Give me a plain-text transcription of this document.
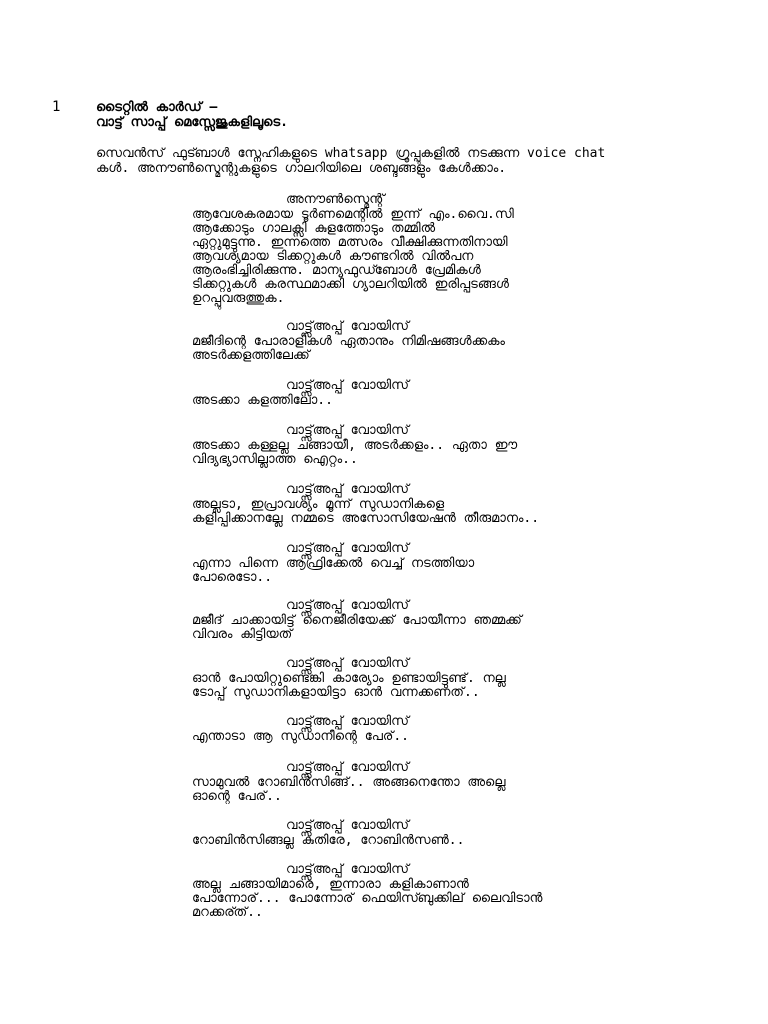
1	ടൈറ്റിൽ കാർഡ് –
വാട്ട് സാപ്പ് മെസ്സേജുകളിലൂടെ.
സെവൻസ് ഫുട്ബാൾ സ്നേഹികളുടെ whatsapp ഗ്രൂപ്പുകളിൽ നടക്കുന്ന voice chat
കൾ. അനൗൺസ്മെന്റുകളുടെ ഗാലറിയിലെ ശബ്ദങ്ങളും കേൾക്കാം.
അനൗൺസ്മെന്റ്
ആവേശകരമായ ടൂർണമെന്റിൽ ഇന്ന് എം.വൈ.സി
ആക്കോടും ഗാലക്സി കുളത്തോടും തമ്മിൽ
ഏറ്റുമുട്ടുന്നു. ഇന്നത്തെ മത്സരം വീക്ഷിക്കുന്നതിനായി
ആവശ്യമായ ടിക്കറ്റുകൾ കൗണ്ടറിൽ വിൽപന
ആരംഭിച്ചിരിക്കുന്നു. മാന്യഫുഡ്ബോൾ പ്രേമികൾ
ടിക്കറ്റുകൾ കരസ്ഥമാക്കി ഗ്യാലറിയിൽ ഇരിപ്പടങ്ങൾ
ഉറപ്പുവരുത്തുക.
വാട്ട്സ്അപ്പ് വോയിസ്
മജീദിന്റെ പോരാളികൾ ഏതാനും നിമിഷങ്ങൾക്കകം
അടർക്കളത്തിലേക്ക്
വാട്ട്സ്അപ്പ് വോയിസ്
അടക്കാ കളത്തിലോ..
വാട്ട്സ്അപ്പ് വോയിസ്
അടക്കാ കള്ളല്ല ചങ്ങായീ, അടർക്കളം.. ഏതാ ഈ
വിദ്യഭ്യാസില്ലാത്ത ഐറ്റം..
വാട്ട്സ്അപ്പ് വോയിസ്
അല്ലടാ, ഇപ്രാവശ്യം മൂന്ന് സുഡാനികളെ
കളിപ്പിക്കാനല്ലേ നമ്മടെ അസോസിയേഷൻ തീരുമാനം..
വാട്ട്സ്അപ്പ് വോയിസ്
എന്നാ പിന്നെ ആഫ്രിക്കേൽ വെച്ച് നടത്തിയാ
പോരെടോ..
വാട്ട്സ്അപ്പ് വോയിസ്
മജീദ് ചാക്കായിട്ട് നൈജീരിയേക്ക് പോയീന്നാ ഞമ്മക്ക്
വിവരം കിട്ടിയത്
വാട്ട്സ്അപ്പ് വോയിസ്
ഓൻ പോയിറ്റുണ്ടെങ്കി കാര്യോം ഉണ്ടായിട്ടുണ്ട്. നല്ല
ടോപ്പ് സുഡാനികളായിട്ടാ ഓൻ വന്നക്കണത്..
വാട്ട്സ്അപ്പ് വോയിസ്
എന്താടാ ആ സുഡാനീന്റെ പേര്..
വാട്ട്സ്അപ്പ് വോയിസ്
സാമുവൽ റോബിൻസിങ്ങ്.. അങ്ങനെന്തോ അല്ലെ
ഓന്റെ പേര്..
വാട്ട്സ്അപ്പ് വോയിസ്
റോബിൻസിങ്ങല്ല കുതിരേ, റോബിൻസൺ..
വാട്ട്സ്അപ്പ് വോയിസ്
അല്ല ചങ്ങായിമാരെ, ഇന്നാരാ കളികാണാൻ
പോന്നോര്... പോന്നോര് ഫെയിസ്ബുക്കില് ലൈവിടാൻ
മറക്കര്ത്..
